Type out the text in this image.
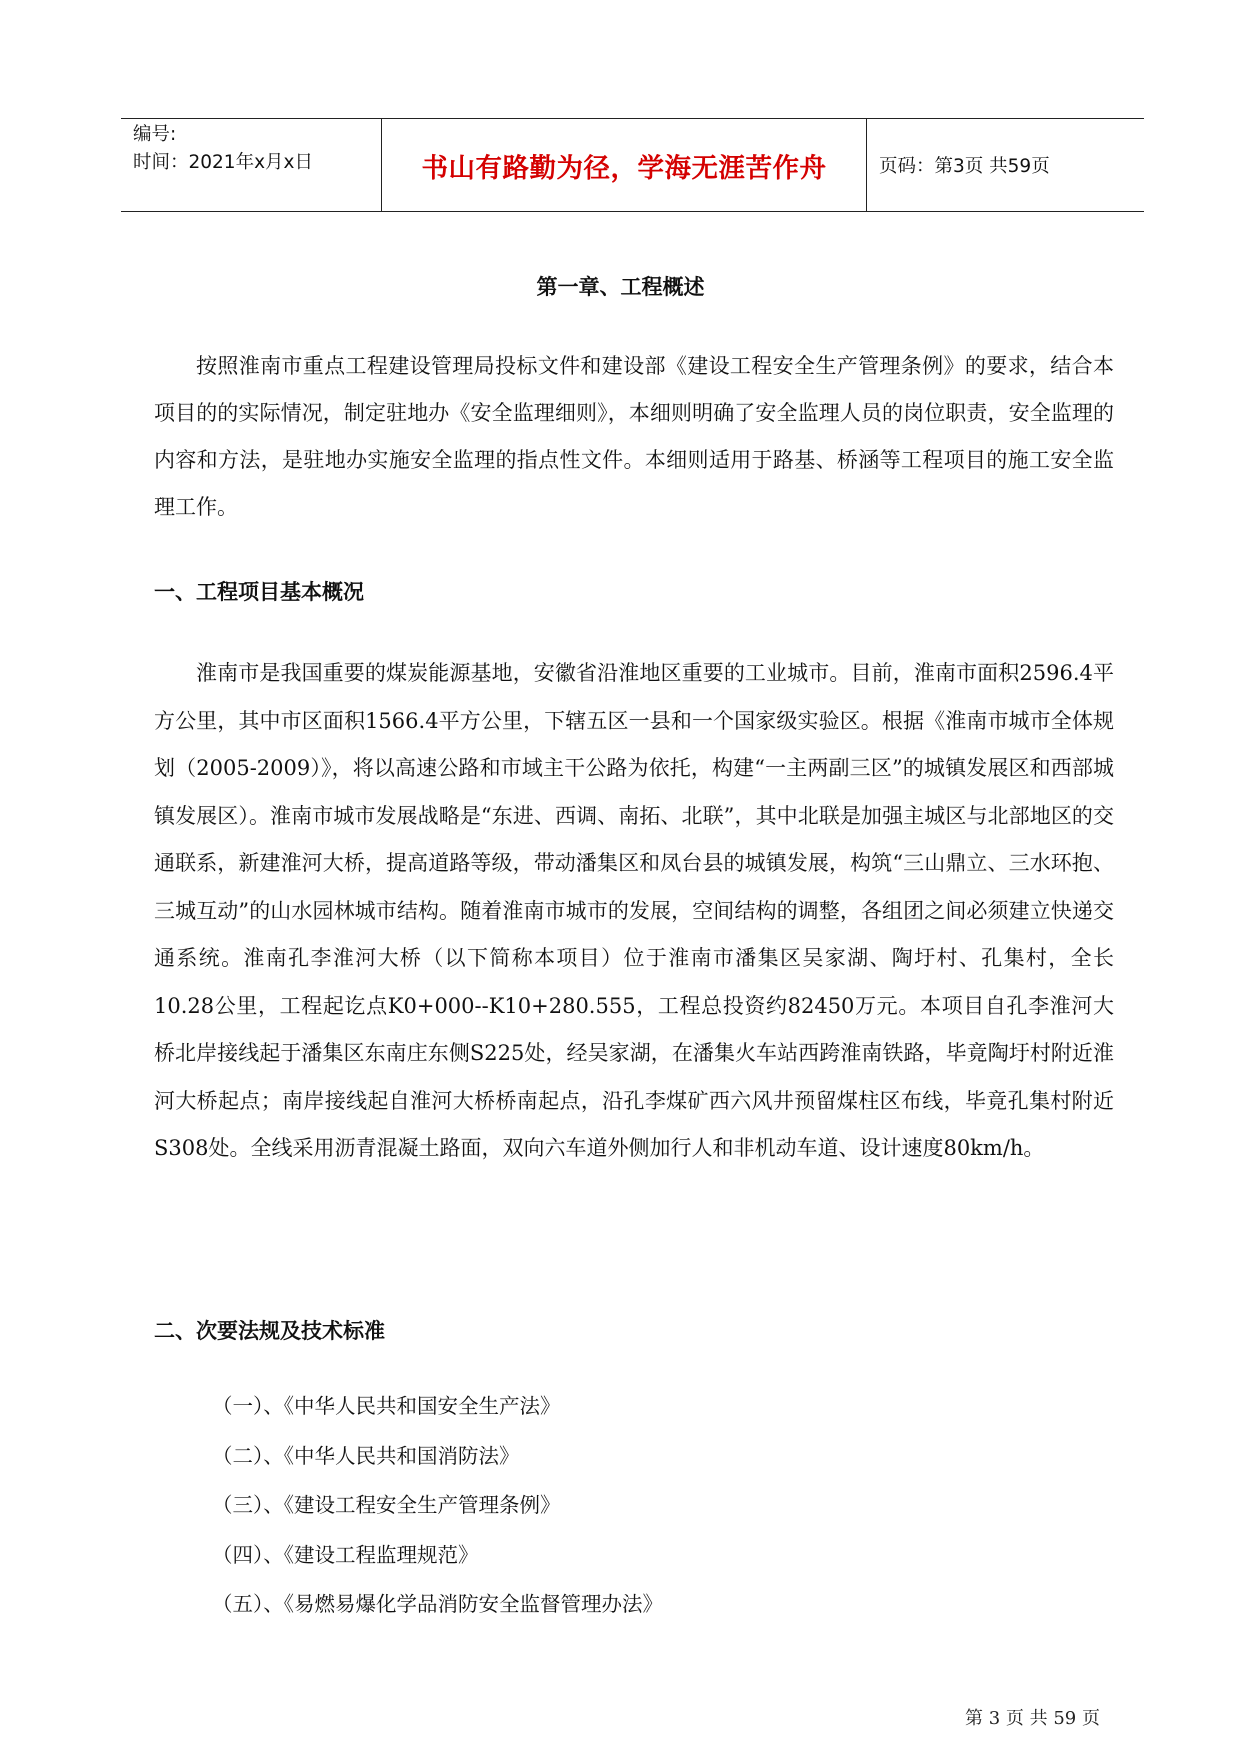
编号:
时间：2021年x月x日	书山有路勤为径，学海无涯苦作舟	页码：第3页 共59页
第一章、工程概述

按照淮南市重点工程建设管理局投标文件和建设部《建设工程安全生产管理条例》的要求，结合本项目的的实际情况，制定驻地办《安全监理细则》，本细则明确了安全监理人员的岗位职责，安全监理的内容和方法，是驻地办实施安全监理的指点性文件。本细则适用于路基、桥涵等工程项目的施工安全监理工作。

一、工程项目基本概况

淮南市是我国重要的煤炭能源基地，安徽省沿淮地区重要的工业城市。目前，淮南市面积2596.4平方公里，其中市区面积1566.4平方公里，下辖五区一县和一个国家级实验区。根据《淮南市城市全体规划（2005-2009）》，将以高速公路和市域主干公路为依托，构建“一主两副三区”的城镇发展区和西部城镇发展区）。淮南市城市发展战略是“东进、西调、南拓、北联”，其中北联是加强主城区与北部地区的交通联系，新建淮河大桥，提高道路等级，带动潘集区和凤台县的城镇发展，构筑“三山鼎立、三水环抱、三城互动”的山水园林城市结构。随着淮南市城市的发展，空间结构的调整，各组团之间必须建立快递交通系统。淮南孔李淮河大桥（以下简称本项目）位于淮南市潘集区吴家湖、陶圩村、孔集村，全长10.28公里，工程起讫点K0+000--K10+280.555，工程总投资约82450万元。本项目自孔李淮河大桥北岸接线起于潘集区东南庄东侧S225处，经吴家湖，在潘集火车站西跨淮南铁路，毕竟陶圩村附近淮河大桥起点；南岸接线起自淮河大桥桥南起点，沿孔李煤矿西六风井预留煤柱区布线，毕竟孔集村附近S308处。全线采用沥青混凝土路面，双向六车道外侧加行人和非机动车道、设计速度80km/h。

二、次要法规及技术标准
（一）、《中华人民共和国安全生产法》
（二）、《中华人民共和国消防法》
（三）、《建设工程安全生产管理条例》
（四）、《建设工程监理规范》
（五）、《易燃易爆化学品消防安全监督管理办法》
第 3 页 共 59 页
